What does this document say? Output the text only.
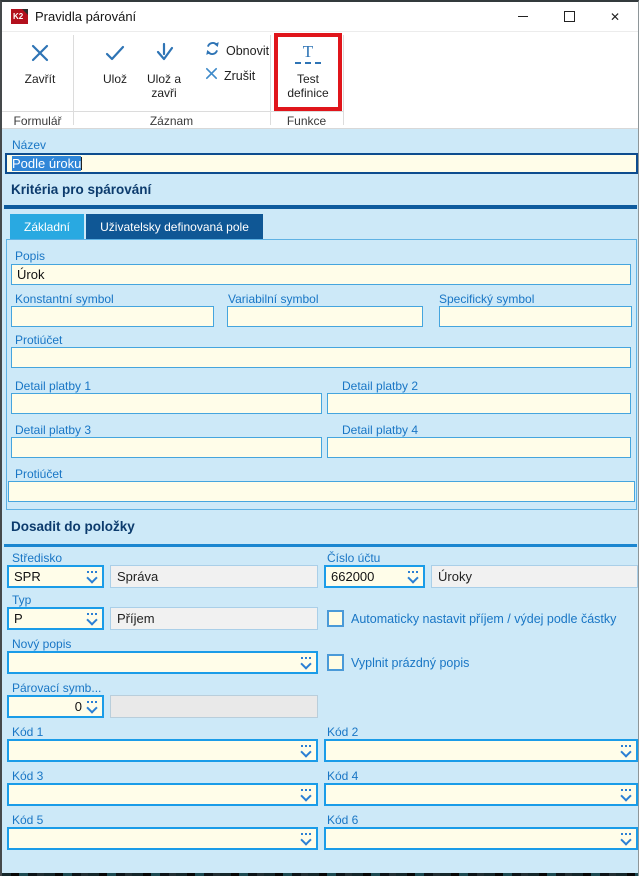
K2 Pravidla párování	✕
Zavřít	Ulož Ulož a
zavři
Obnovit
Zrušit
T
Test
definice
Formulář	Záznam	Funkce
Název
Podle úroku
Kritéria pro spárování
Základní	Uživatelsky definovaná pole
Popis
Úrok
Konstantní symbol	Variabilní symbol	Specifický symbol
Protiúčet
Detail platby 1	Detail platby 2
Detail platby 3	Detail platby 4
Protiúčet
Dosadit do položky
Středisko	Číslo účtu
SPR	Správa	662000	Úroky
Typ
P	Příjem	Automaticky nastavit příjem / výdej podle částky
Nový popis
Vyplnit prázdný popis
Párovací symb...
0
Kód 1	Kód 2
Kód 3	Kód 4
Kód 5	Kód 6
